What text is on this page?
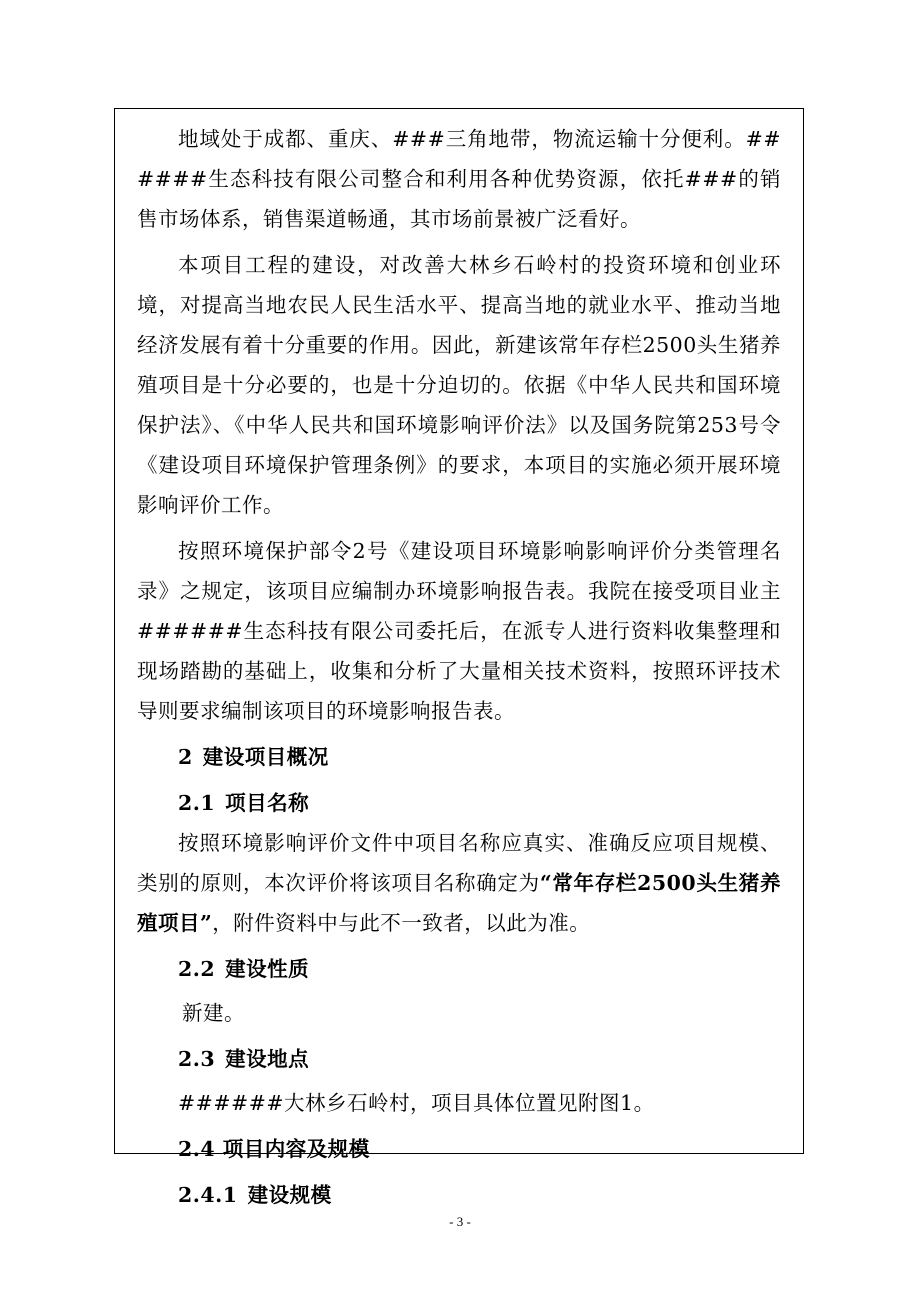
地域处于成都、重庆、###三角地带，物流运输十分便利。######生态科技有限公司整合和利用各种优势资源，依托###的销售市场体系，销售渠道畅通，其市场前景被广泛看好。

本项目工程的建设，对改善大林乡石岭村的投资环境和创业环境，对提高当地农民人民生活水平、提高当地的就业水平、推动当地经济发展有着十分重要的作用。因此，新建该常年存栏2500头生猪养殖项目是十分必要的，也是十分迫切的。依据《中华人民共和国环境保护法》、《中华人民共和国环境影响评价法》以及国务院第253号令《建设项目环境保护管理条例》的要求，本项目的实施必须开展环境影响评价工作。

按照环境保护部令2号《建设项目环境影响影响评价分类管理名录》之规定，该项目应编制办环境影响报告表。我院在接受项目业主######生态科技有限公司委托后，在派专人进行资料收集整理和现场踏勘的基础上，收集和分析了大量相关技术资料，按照环评技术导则要求编制该项目的环境影响报告表。

2 建设项目概况

2.1 项目名称

按照环境影响评价文件中项目名称应真实、准确反应项目规模、类别的原则，本次评价将该项目名称确定为“常年存栏2500头生猪养殖项目”，附件资料中与此不一致者，以此为准。

2.2 建设性质

新建。

2.3 建设地点

######大林乡石岭村，项目具体位置见附图1。

2.4 项目内容及规模

2.4.1 建设规模

- 3 -
